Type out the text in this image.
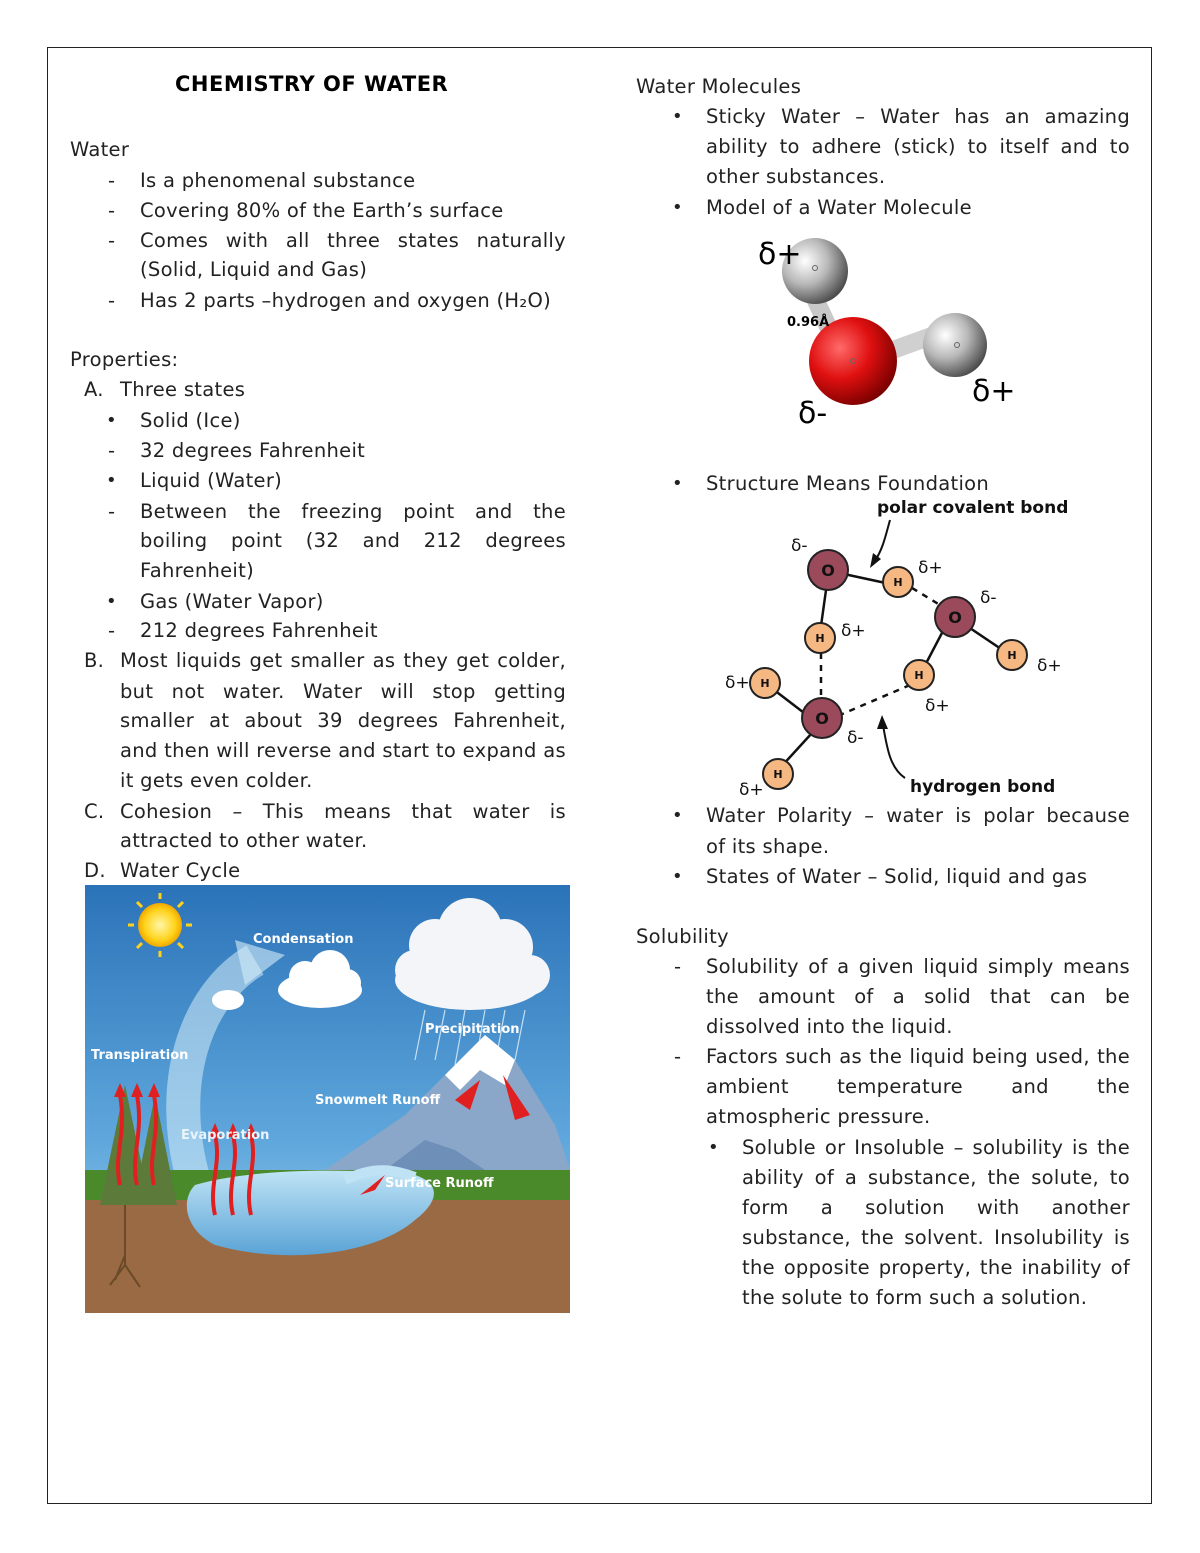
CHEMISTRY OF WATER
Water
- Is a phenomenal substance
- Covering 80% of the Earth’s surface
- Comes with all three states naturally
(Solid, Liquid and Gas)
- Has 2 parts –hydrogen and oxygen (H₂O)
Properties:
A. Three states
• Solid (Ice)
- 32 degrees Fahrenheit
• Liquid (Water)
- Between the freezing point and the
boiling point (32 and 212 degrees
Fahrenheit)
• Gas (Water Vapor)
- 212 degrees Fahrenheit
B. Most liquids get smaller as they get colder,
but not water. Water will stop getting
smaller at about 39 degrees Fahrenheit,
and then will reverse and start to expand as
it gets even colder.
C. Cohesion – This means that water is
attracted to other water.
D. Water Cycle
Condensation
Precipitation
Transpiration
Snowmelt Runoff
Evaporation
Surface Runoff
Water Molecules
• Sticky Water – Water has an amazing
ability to adhere (stick) to itself and to
other substances.
• Model of a Water Molecule
• Structure Means Foundation
• Water Polarity – water is polar because
of its shape.
• States of Water – Solid, liquid and gas
Solubility
- Solubility of a given liquid simply means
the amount of a solid that can be
dissolved into the liquid.
- Factors such as the liquid being used, the
ambient temperature and the
atmospheric pressure.
• Soluble or Insoluble – solubility is the
ability of a substance, the solute, to
form a solution with another
substance, the solvent. Insolubility is
the opposite property, the inability of
the solute to form such a solution.
δ+
δ+
δ-
0.96Å
O
O
O
H
H
H
H
H
H
δ-
δ-
δ-
δ+
δ+
δ+
δ+
δ+
δ+
polar covalent bond
hydrogen bond
